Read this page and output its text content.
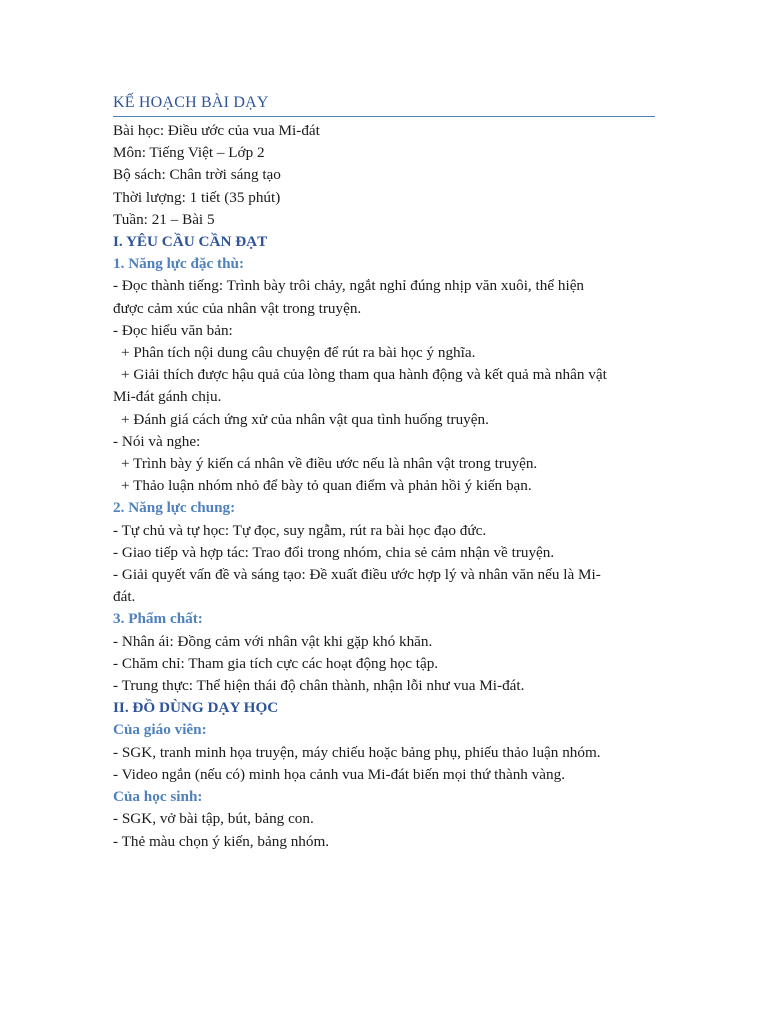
KẾ HOẠCH BÀI DẠY

Bài học: Điều ước của vua Mi-đát

Môn: Tiếng Việt – Lớp 2

Bộ sách: Chân trời sáng tạo

Thời lượng: 1 tiết (35 phút)

Tuần: 21 – Bài 5

I. YÊU CẦU CẦN ĐẠT

1. Năng lực đặc thù:

- Đọc thành tiếng: Trình bày trôi chảy, ngắt nghỉ đúng nhịp văn xuôi, thể hiện

được cảm xúc của nhân vật trong truyện.

- Đọc hiểu văn bản:

+ Phân tích nội dung câu chuyện để rút ra bài học ý nghĩa.

+ Giải thích được hậu quả của lòng tham qua hành động và kết quả mà nhân vật

Mi-đát gánh chịu.

+ Đánh giá cách ứng xử của nhân vật qua tình huống truyện.

- Nói và nghe:

+ Trình bày ý kiến cá nhân về điều ước nếu là nhân vật trong truyện.

+ Thảo luận nhóm nhỏ để bày tỏ quan điểm và phản hồi ý kiến bạn.

2. Năng lực chung:

- Tự chủ và tự học: Tự đọc, suy ngẫm, rút ra bài học đạo đức.

- Giao tiếp và hợp tác: Trao đổi trong nhóm, chia sẻ cảm nhận về truyện.

- Giải quyết vấn đề và sáng tạo: Đề xuất điều ước hợp lý và nhân văn nếu là Mi-

đát.

3. Phẩm chất:

- Nhân ái: Đồng cảm với nhân vật khi gặp khó khăn.

- Chăm chỉ: Tham gia tích cực các hoạt động học tập.

- Trung thực: Thể hiện thái độ chân thành, nhận lỗi như vua Mi-đát.

II. ĐỒ DÙNG DẠY HỌC

Của giáo viên:

- SGK, tranh minh họa truyện, máy chiếu hoặc bảng phụ, phiếu thảo luận nhóm.

- Video ngắn (nếu có) minh họa cảnh vua Mi-đát biến mọi thứ thành vàng.

Của học sinh:

- SGK, vở bài tập, bút, bảng con.

- Thẻ màu chọn ý kiến, bảng nhóm.
